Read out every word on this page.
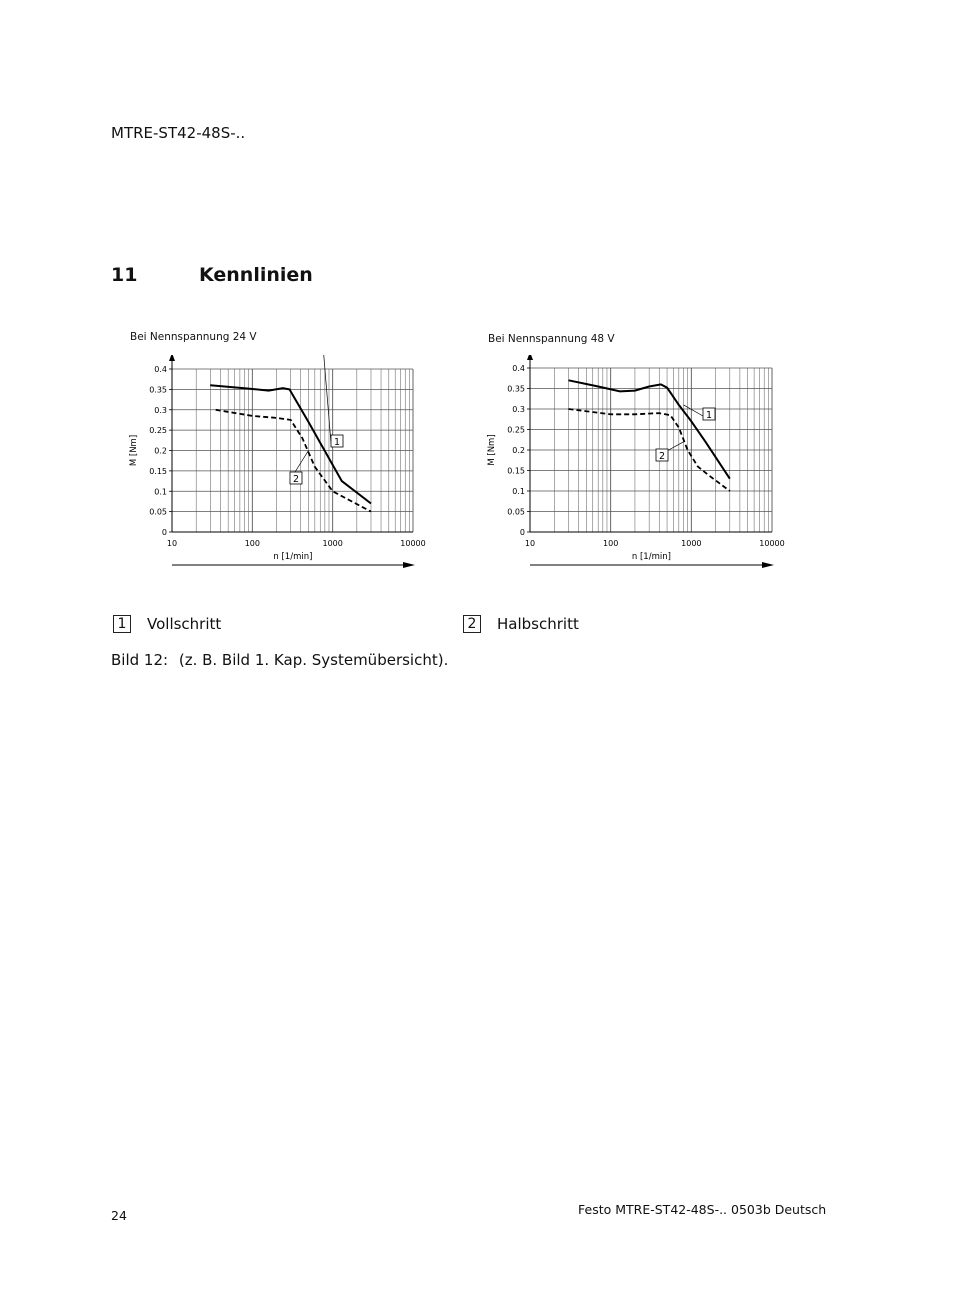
MTRE-ST42-48S-..
11	Kennlinien
Bei Nennspannung 24 V	Bei Nennspannung 48 V
0
0.05
0.1
0.15
0.2
0.25
0.3
0.35
0.4
10	100	1000	10000
n [1/min]
M [Nm]	1
2
0
0.05
0.1
0.15
0.2
0.25
0.3
0.35
0.4
10	100	1000	10000
n [1/min]
M [Nm]
1
2
1	Vollschritt	2	Halbschritt
Bild 12: (z. B. Bild 1. Kap. Systemübersicht).
24	Festo MTRE-ST42-48S-.. 0503b Deutsch
